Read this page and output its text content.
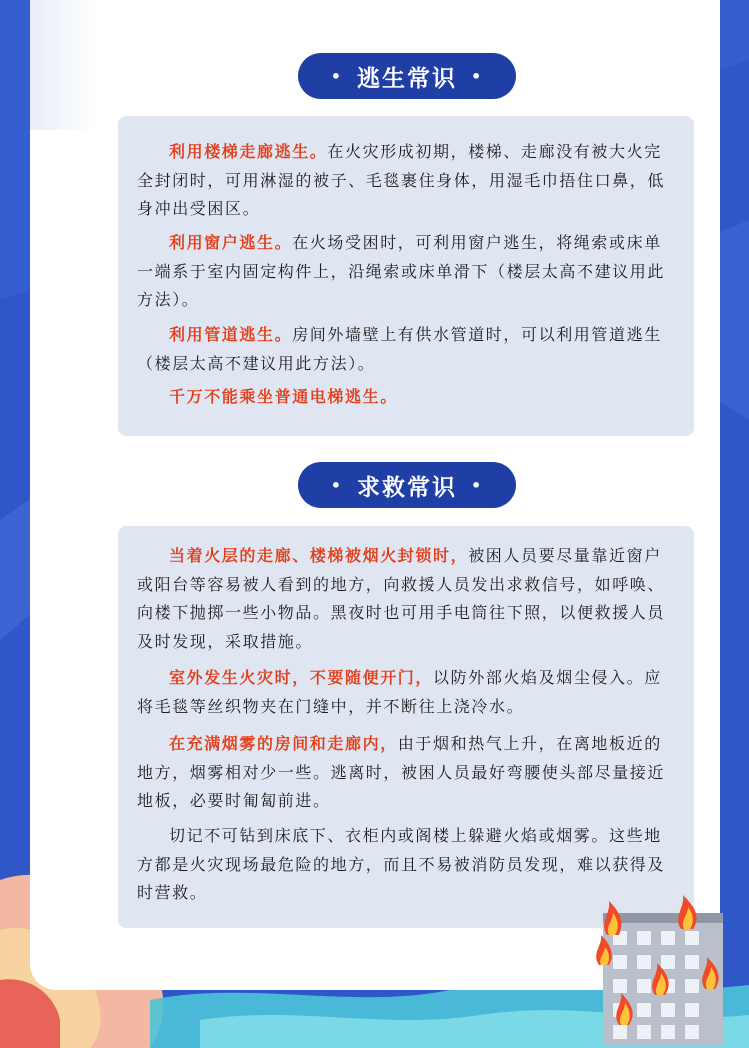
• 逃生常识 •

利用楼梯走廊逃生。在火灾形成初期，楼梯、走廊没有被大火完全封闭时，可用淋湿的被子、毛毯裹住身体，用湿毛巾捂住口鼻，低身冲出受困区。

利用窗户逃生。在火场受困时，可利用窗户逃生，将绳索或床单一端系于室内固定构件上，沿绳索或床单滑下（楼层太高不建议用此方法）。

利用管道逃生。房间外墙壁上有供水管道时，可以利用管道逃生（楼层太高不建议用此方法）。

千万不能乘坐普通电梯逃生。

• 求救常识 •

当着火层的走廊、楼梯被烟火封锁时，被困人员要尽量靠近窗户或阳台等容易被人看到的地方，向救援人员发出求救信号，如呼唤、向楼下抛掷一些小物品。黑夜时也可用手电筒往下照，以便救援人员及时发现，采取措施。

室外发生火灾时，不要随便开门，以防外部火焰及烟尘侵入。应将毛毯等丝织物夹在门缝中，并不断往上浇冷水。

在充满烟雾的房间和走廊内，由于烟和热气上升，在离地板近的地方，烟雾相对少一些。逃离时，被困人员最好弯腰使头部尽量接近地板，必要时匍匐前进。

切记不可钻到床底下、衣柜内或阁楼上躲避火焰或烟雾。这些地方都是火灾现场最危险的地方，而且不易被消防员发现，难以获得及时营救。
